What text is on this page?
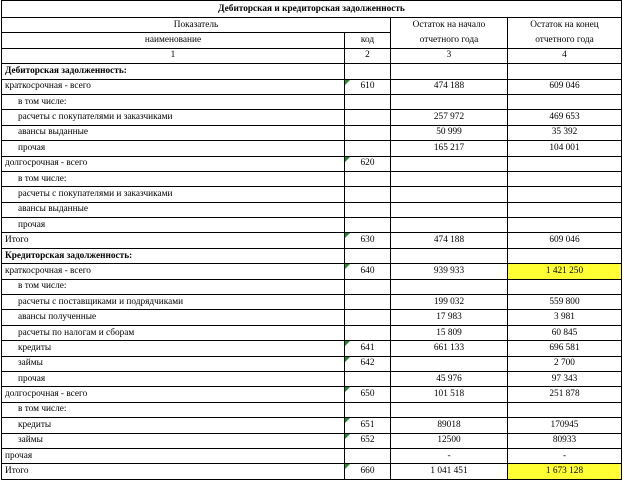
Дебиторская и кредиторская задолженность			
Показатель		Остаток на начало	Остаток на конец
наименование	код	отчетного года	отчетного года
1	2	3	4
Дебиторская задолженность:			
краткосрочная - всего	610	474 188	609 046
в том числе:			
расчеты с покупателями и заказчиками		257 972	469 653
авансы выданные		50 999	35 392
прочая		165 217	104 001
долгосрочная - всего	620		
в том числе:			
расчеты с покупателями и заказчиками			
авансы выданные			
прочая			
Итого	630	474 188	609 046
Кредиторская задолженность:			
краткосрочная - всего	640	939 933	1 421 250
в том числе:			
расчеты с поставщиками и подрядчиками		199 032	559 800
авансы полученные		17 983	3 981
расчеты по налогам и сборам		15 809	60 845
кредиты	641	661 133	696 581
займы	642		2 700
прочая		45 976	97 343
долгосрочная - всего	650	101 518	251 878
в том числе:			
кредиты	651	89018	170945
займы	652	12500	80933
прочая		-	-
Итого	660	1 041 451	1 673 128
